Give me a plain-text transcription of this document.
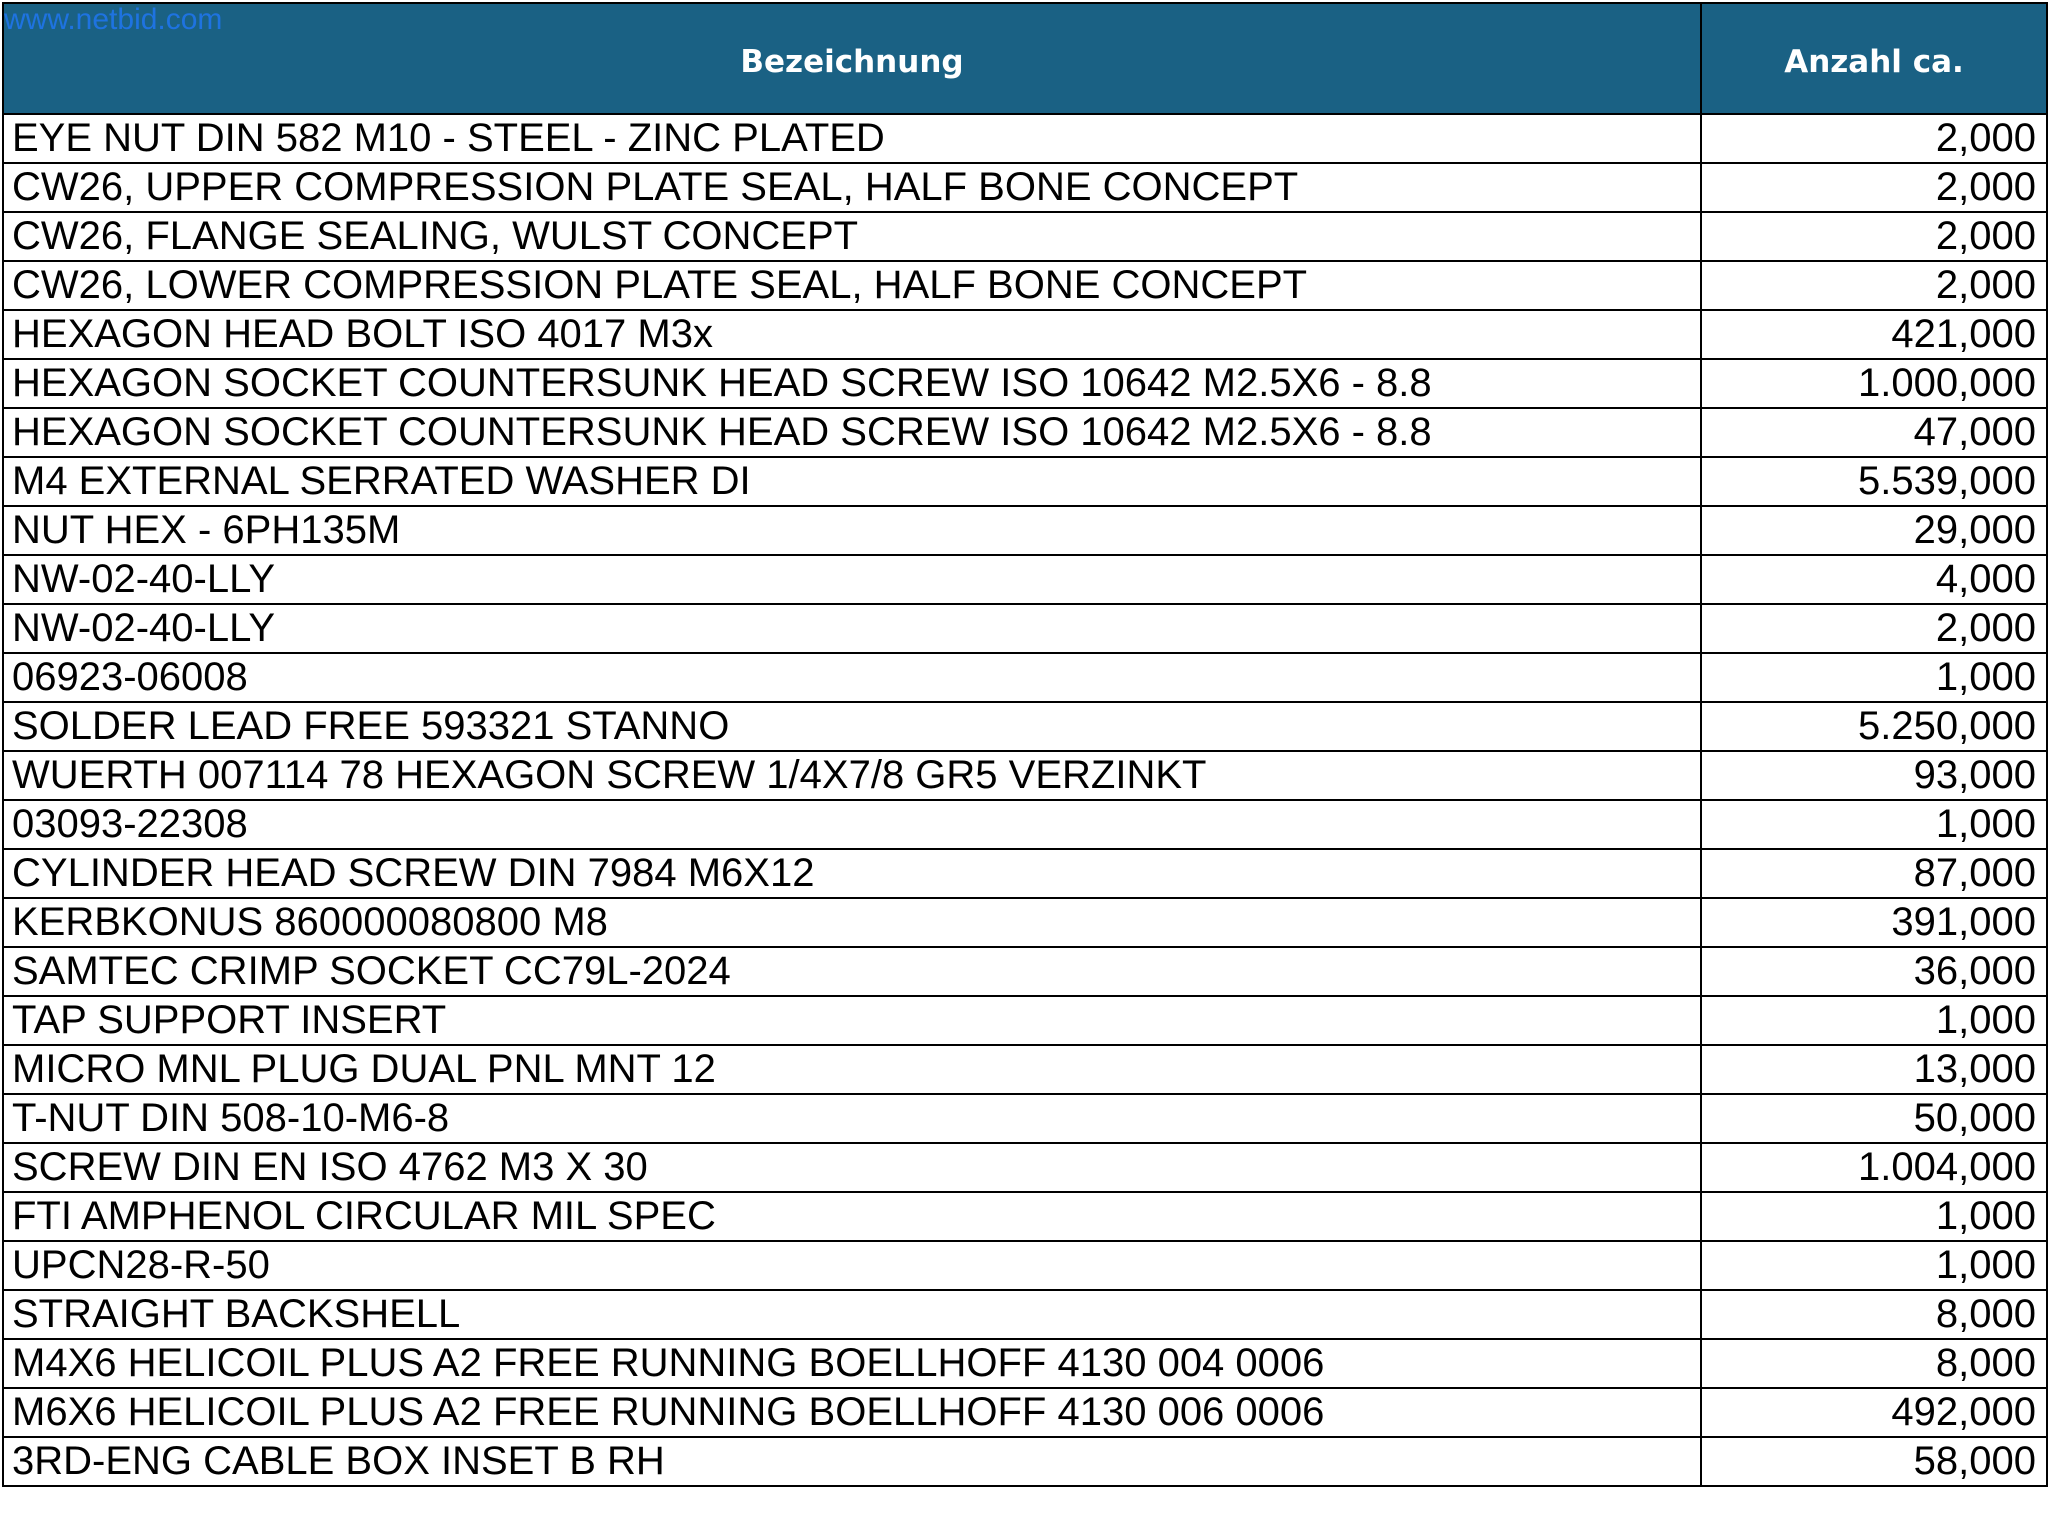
www.netbid.com
Bezeichnung	Anzahl ca.
EYE NUT DIN 582 M10 - STEEL - ZINC PLATED	2,000
CW26, UPPER COMPRESSION PLATE SEAL, HALF BONE CONCEPT	2,000
CW26, FLANGE SEALING, WULST CONCEPT	2,000
CW26, LOWER COMPRESSION PLATE SEAL, HALF BONE CONCEPT	2,000
HEXAGON HEAD BOLT ISO 4017 M3x	421,000
HEXAGON SOCKET COUNTERSUNK HEAD SCREW ISO 10642 M2.5X6 - 8.8	1.000,000
HEXAGON SOCKET COUNTERSUNK HEAD SCREW ISO 10642 M2.5X6 - 8.8	47,000
M4 EXTERNAL SERRATED WASHER DI	5.539,000
NUT HEX - 6PH135M	29,000
NW-02-40-LLY	4,000
NW-02-40-LLY	2,000
06923-06008	1,000
SOLDER LEAD FREE 593321 STANNO	5.250,000
WUERTH 007114 78 HEXAGON SCREW 1/4X7/8 GR5 VERZINKT	93,000
03093-22308	1,000
CYLINDER HEAD SCREW DIN 7984 M6X12	87,000
KERBKONUS 860000080800 M8	391,000
SAMTEC CRIMP SOCKET CC79L-2024	36,000
TAP SUPPORT INSERT	1,000
MICRO MNL PLUG DUAL PNL MNT 12	13,000
T-NUT DIN 508-10-M6-8	50,000
SCREW DIN EN ISO 4762 M3 X 30	1.004,000
FTI AMPHENOL CIRCULAR MIL SPEC	1,000
UPCN28-R-50	1,000
STRAIGHT BACKSHELL	8,000
M4X6 HELICOIL PLUS A2 FREE RUNNING BOELLHOFF 4130 004 0006	8,000
M6X6 HELICOIL PLUS A2 FREE RUNNING BOELLHOFF 4130 006 0006	492,000
3RD-ENG CABLE BOX INSET B RH	58,000
